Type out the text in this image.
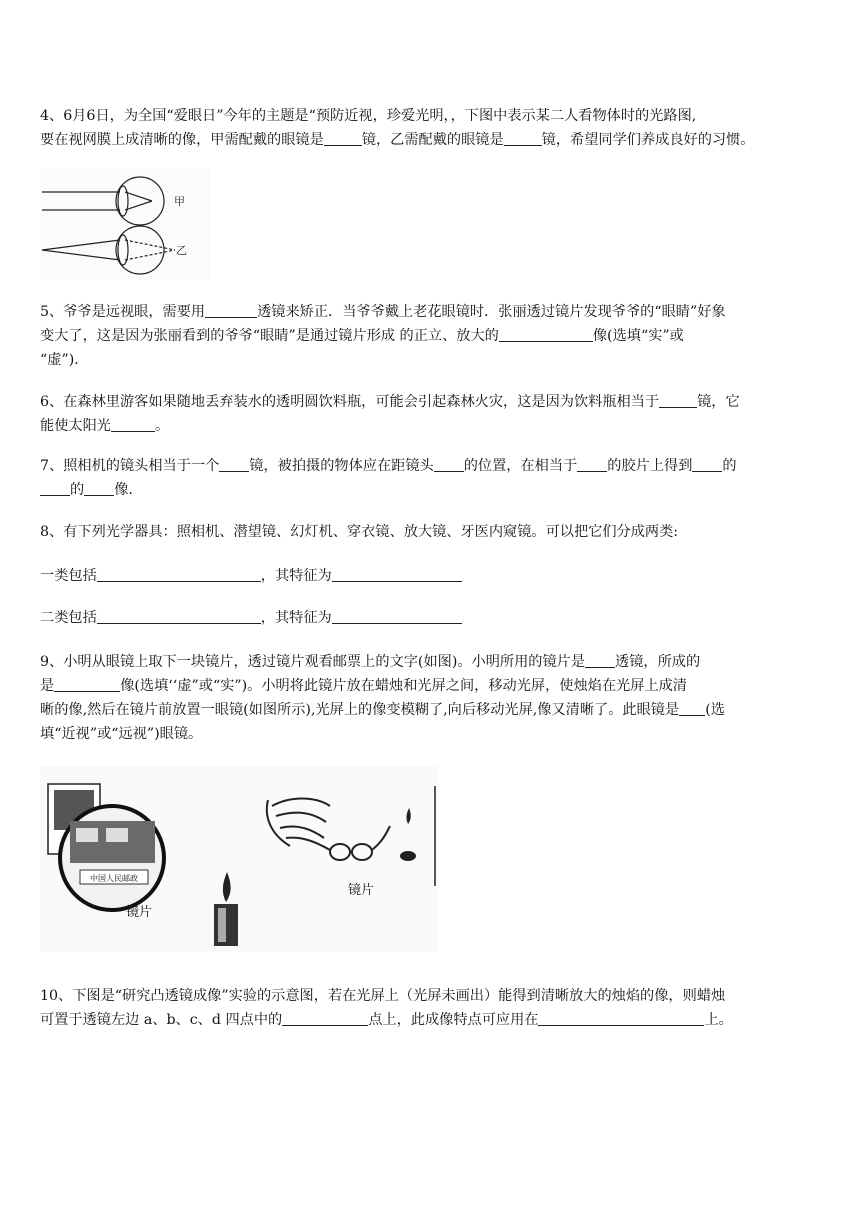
4、6月6日，为全国“爱眼日”今年的主题是“预防近视，珍爱光明，，下图中表示某二人看物体时的光路图,
要在视网膜上成清晰的像，甲需配戴的眼镜是	镜，乙需配戴的眼镜是	镜，希望同学们养成良好的习惯。
甲
乙
5、爷爷是远视眼，需要用	透镜来矫正．当爷爷戴上老花眼镜时．张丽透过镜片发现爷爷的“眼睛”好象
变大了，这是因为张丽看到的爷爷“眼睛”是通过镜片形成 的正立、放大的	像(选填“实”或
“虚”)．
6、在森林里游客如果随地丢弃装水的透明圆饮料瓶，可能会引起森林火灾，这是因为饮料瓶相当于	镜，它
能使太阳光	。
7、照相机的镜头相当于一个 镜，被拍摄的物体应在距镜头 的位置，在相当于 的胶片上得到 的
的 像.
8、有下列光学器具：照相机、潜望镜、幻灯机、穿衣镜、放大镜、牙医内窥镜。可以把它们分成两类:
一类包括	，其特征为
二类包括	，其特征为
9、小明从眼镜上取下一块镜片，透过镜片观看邮票上的文字(如图)。小明所用的镜片是 透镜，所成的
是	像(选填‘‘虚”或“实”)。小明将此镜片放在蜡烛和光屏之间，移动光屏，使烛焰在光屏上成清
晰的像,然后在镜片前放置一眼镜(如图所示),光屏上的像变模糊了,向后移动光屏,像又清晰了。此眼镜是 (选
填“近视”或“远视”)眼镜。
中国人民邮政
镜片
镜片
10、下图是“研究凸透镜成像”实验的示意图，若在光屏上（光屏未画出）能得到清晰放大的烛焰的像，则蜡烛
可置于透镜左边 a、b、c、d 四点中的	点上，此成像特点可应用在	上。
